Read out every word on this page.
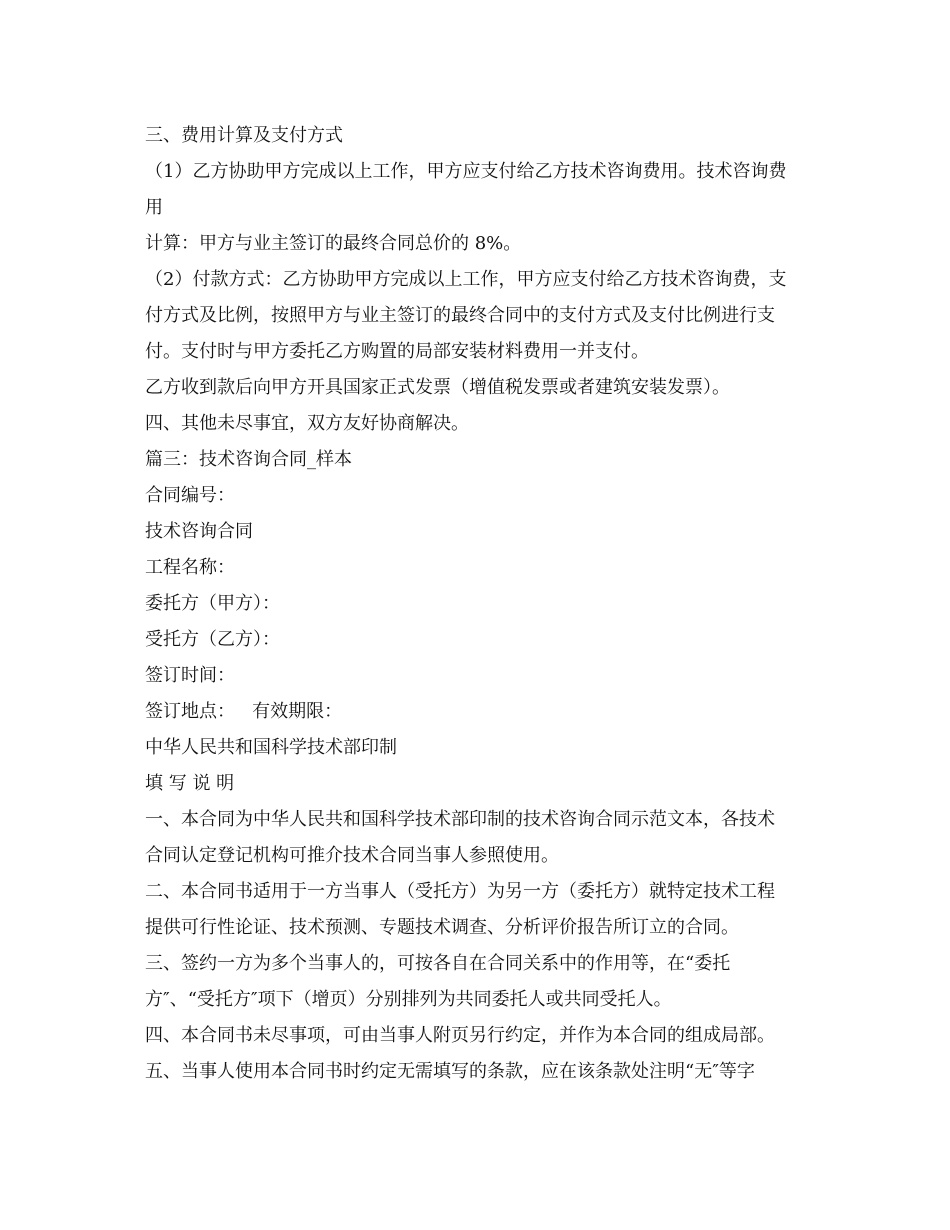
三、费用计算及支付方式
（1）乙方协助甲方完成以上工作，甲方应支付给乙方技术咨询费用。技术咨询费
用
计算：甲方与业主签订的最终合同总价的 8%。
（2）付款方式：乙方协助甲方完成以上工作，甲方应支付给乙方技术咨询费，支
付方式及比例，按照甲方与业主签订的最终合同中的支付方式及支付比例进行支
付。支付时与甲方委托乙方购置的局部安装材料费用一并支付。
乙方收到款后向甲方开具国家正式发票（增值税发票或者建筑安装发票）。
四、其他未尽事宜，双方友好协商解决。
篇三：技术咨询合同_样本
合同编号：
技术咨询合同
工程名称：
委托方（甲方）：
受托方（乙方）：
签订时间：
签订地点：   有效期限：
中华人民共和国科学技术部印制
填 写 说 明
一、本合同为中华人民共和国科学技术部印制的技术咨询合同示范文本，各技术
合同认定登记机构可推介技术合同当事人参照使用。
二、本合同书适用于一方当事人（受托方）为另一方（委托方）就特定技术工程
提供可行性论证、技术预测、专题技术调查、分析评价报告所订立的合同。
三、签约一方为多个当事人的，可按各自在合同关系中的作用等，在“委托
方″、“受托方″项下（增页）分别排列为共同委托人或共同受托人。
四、本合同书未尽事项，可由当事人附页另行约定，并作为本合同的组成局部。
五、当事人使用本合同书时约定无需填写的条款，应在该条款处注明“无″等字
